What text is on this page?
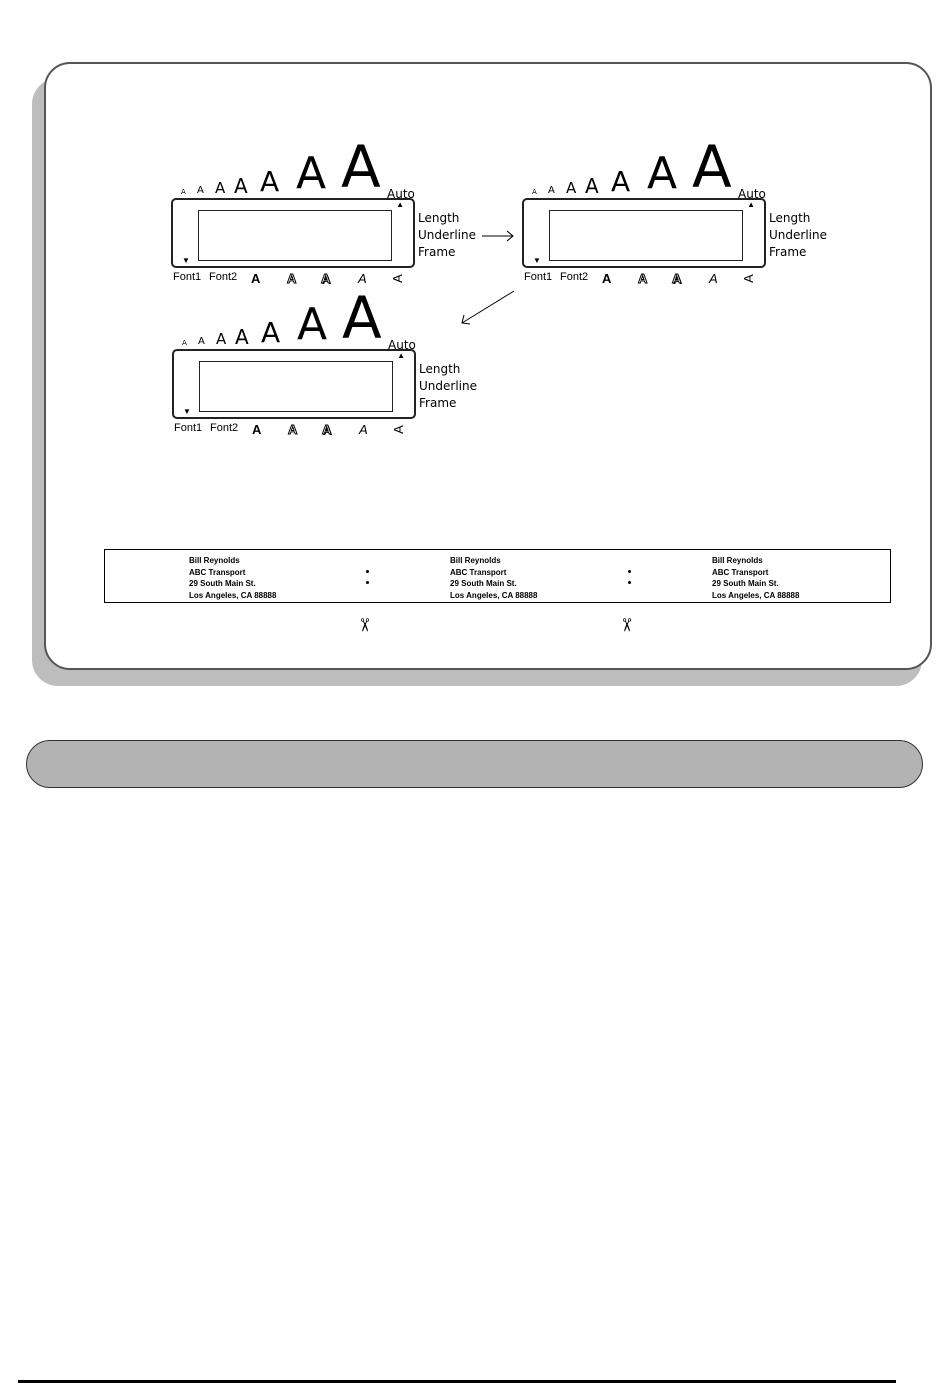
A A A A A A A Auto
▲
▼
Length
Underline
Frame
Font1 Font2 A A A A A
A A A A A A A Auto
▲
▼
Length
Underline
Frame
Font1 Font2 A A A A A
A A A A A A A Auto
▲
▼
Length
Underline
Frame
Font1 Font2 A A A A A
Bill Reynolds
ABC Transport
29 South Main St.
Los Angeles, CA 88888
Bill Reynolds
ABC Transport
29 South Main St.
Los Angeles, CA 88888
Bill Reynolds
ABC Transport
29 South Main St.
Los Angeles, CA 88888
✂	✂
